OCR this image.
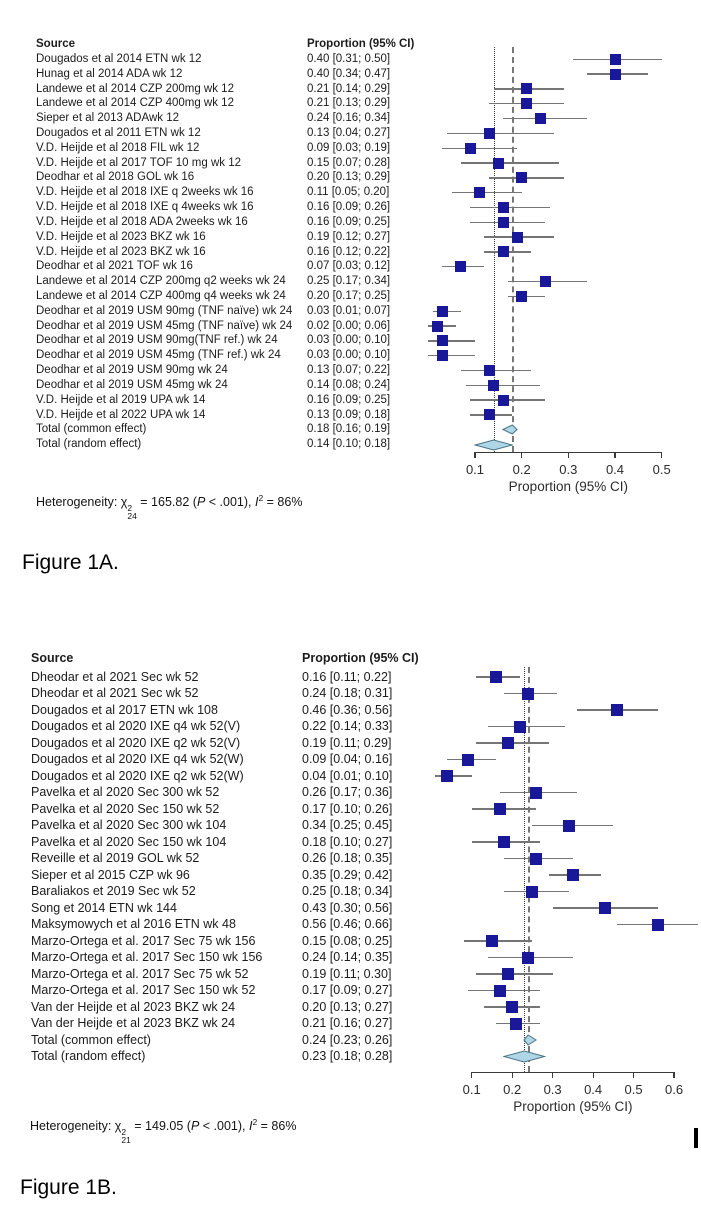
Source	Proportion (95% CI)
Dougados et al 2014 ETN wk 12	0.40 [0.31; 0.50]
Hunag et al 2014 ADA wk 12	0.40 [0.34; 0.47]
Landewe et al 2014 CZP 200mg wk 12	0.21 [0.14; 0.29]
Landewe et al 2014 CZP 400mg wk 12	0.21 [0.13; 0.29]
Sieper et al 2013 ADAwk 12	0.24 [0.16; 0.34]
Dougados et al 2011 ETN wk 12	0.13 [0.04; 0.27]
V.D. Heijde et al 2018 FIL wk 12	0.09 [0.03; 0.19]
V.D. Heijde et al 2017 TOF 10 mg wk 12	0.15 [0.07; 0.28]
Deodhar et al 2018 GOL wk 16	0.20 [0.13; 0.29]
V.D. Heijde et al 2018 IXE q 2weeks wk 16	0.11 [0.05; 0.20]
V.D. Heijde et al 2018 IXE q 4weeks wk 16	0.16 [0.09; 0.26]
V.D. Heijde et al 2018 ADA 2weeks wk 16	0.16 [0.09; 0.25]
V.D. Heijde et al 2023 BKZ wk 16	0.19 [0.12; 0.27]
V.D. Heijde et al 2023 BKZ wk 16	0.16 [0.12; 0.22]
Deodhar et al 2021 TOF wk 16	0.07 [0.03; 0.12]
Landewe et al 2014 CZP 200mg q2 weeks wk 24 0.25 [0.17; 0.34]
Landewe et al 2014 CZP 400mg q4 weeks wk 24 0.20 [0.17; 0.25]
Deodhar et al 2019 USM 90mg (TNF naïve) wk 24 0.03 [0.01; 0.07]
Deodhar et al 2019 USM 45mg (TNF naïve) wk 24 0.02 [0.00; 0.06]
Deodhar et al 2019 USM 90mg(TNF ref.) wk 24	0.03 [0.00; 0.10]
Deodhar et al 2019 USM 45mg (TNF ref.) wk 24 0.03 [0.00; 0.10]
Deodhar et al 2019 USM 90mg wk 24	0.13 [0.07; 0.22]
Deodhar et al 2019 USM 45mg wk 24	0.14 [0.08; 0.24]
V.D. Heijde et al 2019 UPA wk 14	0.16 [0.09; 0.25]
V.D. Heijde et al 2022 UPA wk 14	0.13 [0.09; 0.18]
Total (common effect)	0.18 [0.16; 0.19]
Total (random effect)	0.14 [0.10; 0.18]
0.1	0.2	0.3	0.4	0.5
Proportion (95% CI)
Heterogeneity: χ 2
24
= 165.82 (P < .001), $I^2 = 86\%$
Figure 1A.
Source	Proportion (95% CI)
Dheodar et al 2021 Sec wk 52	0.16 [0.11; 0.22]
Dheodar et al 2021 Sec wk 52	0.24 [0.18; 0.31]
Dougados et al 2017 ETN wk 108	0.46 [0.36; 0.56]
Dougados et al 2020 IXE q4 wk 52(V)	0.22 [0.14; 0.33]
Dougados et al 2020 IXE q2 wk 52(V)	0.19 [0.11; 0.29]
Dougados et al 2020 IXE q4 wk 52(W)	0.09 [0.04; 0.16]
Dougados et al 2020 IXE q2 wk 52(W)	0.04 [0.01; 0.10]
Pavelka et al 2020 Sec 300 wk 52	0.26 [0.17; 0.36]
Pavelka et al 2020 Sec 150 wk 52	0.17 [0.10; 0.26]
Pavelka et al 2020 Sec 300 wk 104	0.34 [0.25; 0.45]
Pavelka et al 2020 Sec 150 wk 104	0.18 [0.10; 0.27]
Reveille et al 2019 GOL wk 52	0.26 [0.18; 0.35]
Sieper et al 2015 CZP wk 96	0.35 [0.29; 0.42]
Baraliakos et 2019 Sec wk 52	0.25 [0.18; 0.34]
Song et 2014 ETN wk 144	0.43 [0.30; 0.56]
Maksymowych et al 2016 ETN wk 48	0.56 [0.46; 0.66]
Marzo-Ortega et al. 2017 Sec 75 wk 156	0.15 [0.08; 0.25]
Marzo-Ortega et al. 2017 Sec 150 wk 156	0.24 [0.14; 0.35]
Marzo-Ortega et al. 2017 Sec 75 wk 52	0.19 [0.11; 0.30]
Marzo-Ortega et al. 2017 Sec 150 wk 52	0.17 [0.09; 0.27]
Van der Heijde et al 2023 BKZ wk 24	0.20 [0.13; 0.27]
Van der Heijde et al 2023 BKZ wk 24	0.21 [0.16; 0.27]
Total (common effect)	0.24 [0.23; 0.26]
Total (random effect)	0.23 [0.18; 0.28]
0.1	0.2	0.3	0.4	0.5	0.6
Proportion (95% CI)
Heterogeneity: χ 2
21
= 149.05 (P < .001), $I^2 = 86\%$
Figure 1B.
